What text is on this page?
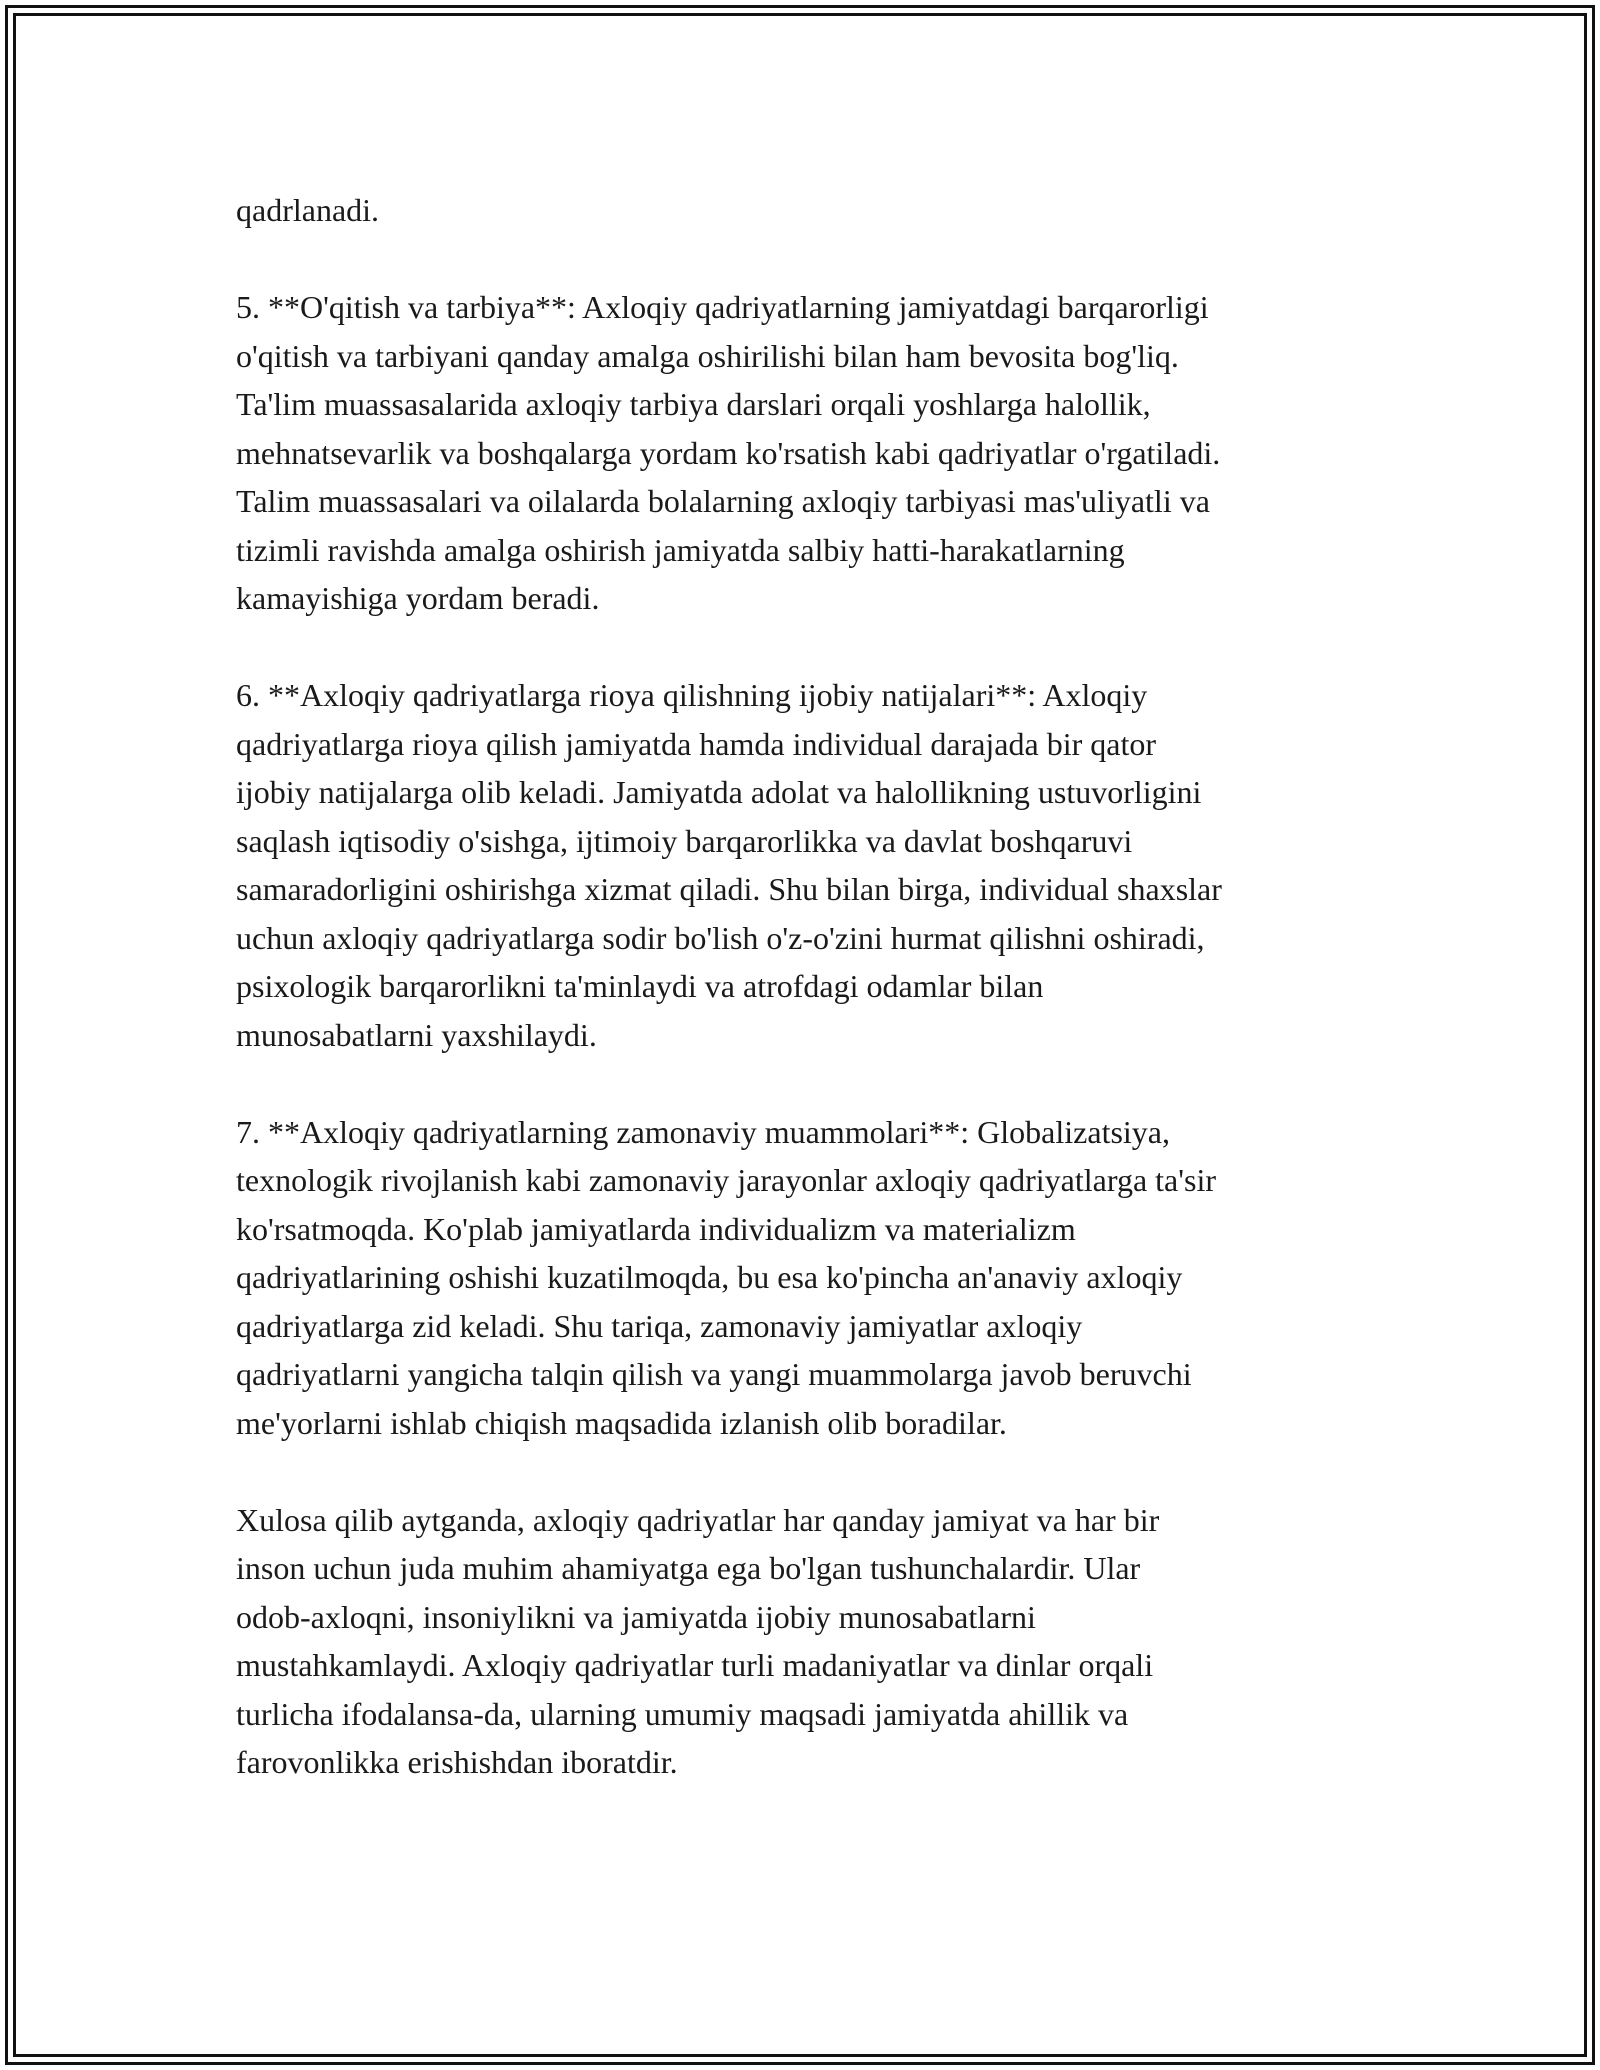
qadrlanadi.

5. **O'qitish va tarbiya**: Axloqiy qadriyatlarning jamiyatdagi barqarorligi
o'qitish va tarbiyani qanday amalga oshirilishi bilan ham bevosita bog'liq.
Ta'lim muassasalarida axloqiy tarbiya darslari orqali yoshlarga halollik,
mehnatsevarlik va boshqalarga yordam ko'rsatish kabi qadriyatlar o'rgatiladi.
Talim muassasalari va oilalarda bolalarning axloqiy tarbiyasi mas'uliyatli va
tizimli ravishda amalga oshirish jamiyatda salbiy hatti-harakatlarning
kamayishiga yordam beradi.

6. **Axloqiy qadriyatlarga rioya qilishning ijobiy natijalari**: Axloqiy
qadriyatlarga rioya qilish jamiyatda hamda individual darajada bir qator
ijobiy natijalarga olib keladi. Jamiyatda adolat va halollikning ustuvorligini
saqlash iqtisodiy o'sishga, ijtimoiy barqarorlikka va davlat boshqaruvi
samaradorligini oshirishga xizmat qiladi. Shu bilan birga, individual shaxslar
uchun axloqiy qadriyatlarga sodir bo'lish o'z-o'zini hurmat qilishni oshiradi,
psixologik barqarorlikni ta'minlaydi va atrofdagi odamlar bilan
munosabatlarni yaxshilaydi.

7. **Axloqiy qadriyatlarning zamonaviy muammolari**: Globalizatsiya,
texnologik rivojlanish kabi zamonaviy jarayonlar axloqiy qadriyatlarga ta'sir
ko'rsatmoqda. Ko'plab jamiyatlarda individualizm va materializm
qadriyatlarining oshishi kuzatilmoqda, bu esa ko'pincha an'anaviy axloqiy
qadriyatlarga zid keladi. Shu tariqa, zamonaviy jamiyatlar axloqiy
qadriyatlarni yangicha talqin qilish va yangi muammolarga javob beruvchi
me'yorlarni ishlab chiqish maqsadida izlanish olib boradilar.

Xulosa qilib aytganda, axloqiy qadriyatlar har qanday jamiyat va har bir
inson uchun juda muhim ahamiyatga ega bo'lgan tushunchalardir. Ular
odob-axloqni, insoniylikni va jamiyatda ijobiy munosabatlarni
mustahkamlaydi. Axloqiy qadriyatlar turli madaniyatlar va dinlar orqali
turlicha ifodalansa-da, ularning umumiy maqsadi jamiyatda ahillik va
farovonlikka erishishdan iboratdir.
